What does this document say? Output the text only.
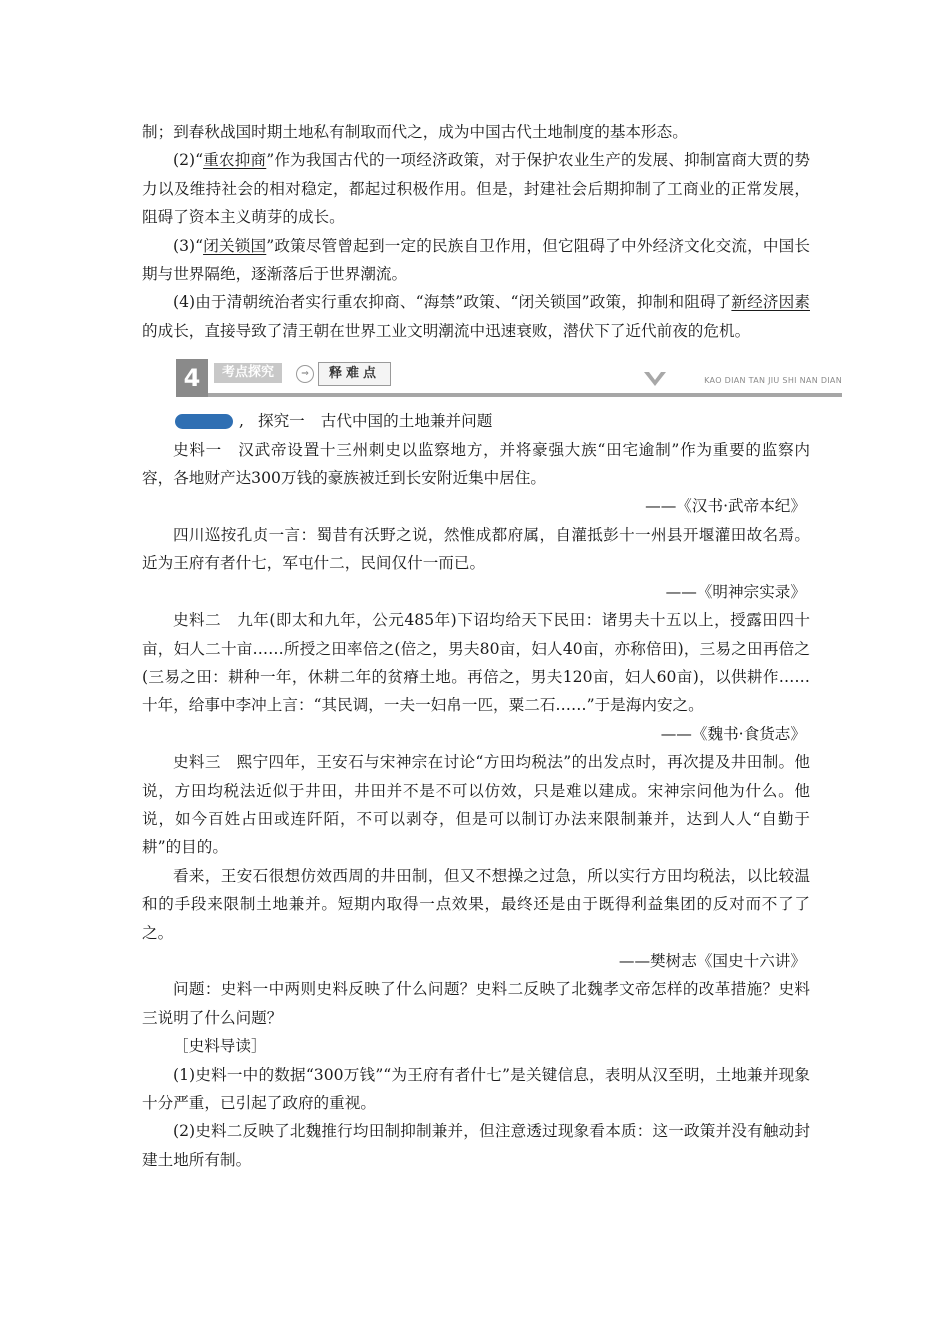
制；到春秋战国时期土地私有制取而代之，成为中国古代土地制度的基本形态。

(2)“重农抑商”作为我国古代的一项经济政策，对于保护农业生产的发展、抑制富商大贾的势力以及维持社会的相对稳定，都起过积极作用。但是，封建社会后期抑制了工商业的正常发展，阻碍了资本主义萌芽的成长。

(3)“闭关锁国”政策尽管曾起到一定的民族自卫作用，但它阻碍了中外经济文化交流，中国长期与世界隔绝，逐渐落后于世界潮流。

(4)由于清朝统治者实行重农抑商、“海禁”政策、“闭关锁国”政策，抑制和阻碍了新经济因素的成长，直接导致了清王朝在世界工业文明潮流中迅速衰败，潜伏下了近代前夜的危机。

4	考点探究	⇒	释难点	KAO DIAN TAN JIU SHI NAN DIAN

, 探究一 古代中国的土地兼并问题

史料一　汉武帝设置十三州刺史以监察地方，并将豪强大族“田宅逾制”作为重要的监察内容，各地财产达300万钱的豪族被迁到长安附近集中居住。

——《汉书·武帝本纪》

四川巡按孔贞一言：蜀昔有沃野之说，然惟成都府属，自灌抵彭十一州县开堰灌田故名焉。近为王府有者什七，军屯什二，民间仅什一而已。

——《明神宗实录》

史料二　九年(即太和九年，公元485年)下诏均给天下民田：诸男夫十五以上，授露田四十亩，妇人二十亩……所授之田率倍之(倍之，男夫80亩，妇人40亩，亦称倍田)，三易之田再倍之(三易之田：耕种一年，休耕二年的贫瘠土地。再倍之，男夫120亩，妇人60亩)，以供耕作……十年，给事中李冲上言：“其民调，一夫一妇帛一匹，粟二石……”于是海内安之。

——《魏书·食货志》

史料三　熙宁四年，王安石与宋神宗在讨论“方田均税法”的出发点时，再次提及井田制。他说，方田均税法近似于井田，井田并不是不可以仿效，只是难以建成。宋神宗问他为什么。他说，如今百姓占田或连阡陌，不可以剥夺，但是可以制订办法来限制兼并，达到人人“自勤于耕”的目的。

看来，王安石很想仿效西周的井田制，但又不想操之过急，所以实行方田均税法，以比较温和的手段来限制土地兼并。短期内取得一点效果，最终还是由于既得利益集团的反对而不了了之。

——樊树志《国史十六讲》

问题：史料一中两则史料反映了什么问题？史料二反映了北魏孝文帝怎样的改革措施？史料三说明了什么问题？

［史料导读］

(1)史料一中的数据“300万钱”“为王府有者什七”是关键信息，表明从汉至明，土地兼并现象十分严重，已引起了政府的重视。

(2)史料二反映了北魏推行均田制抑制兼并，但注意透过现象看本质：这一政策并没有触动封建土地所有制。
